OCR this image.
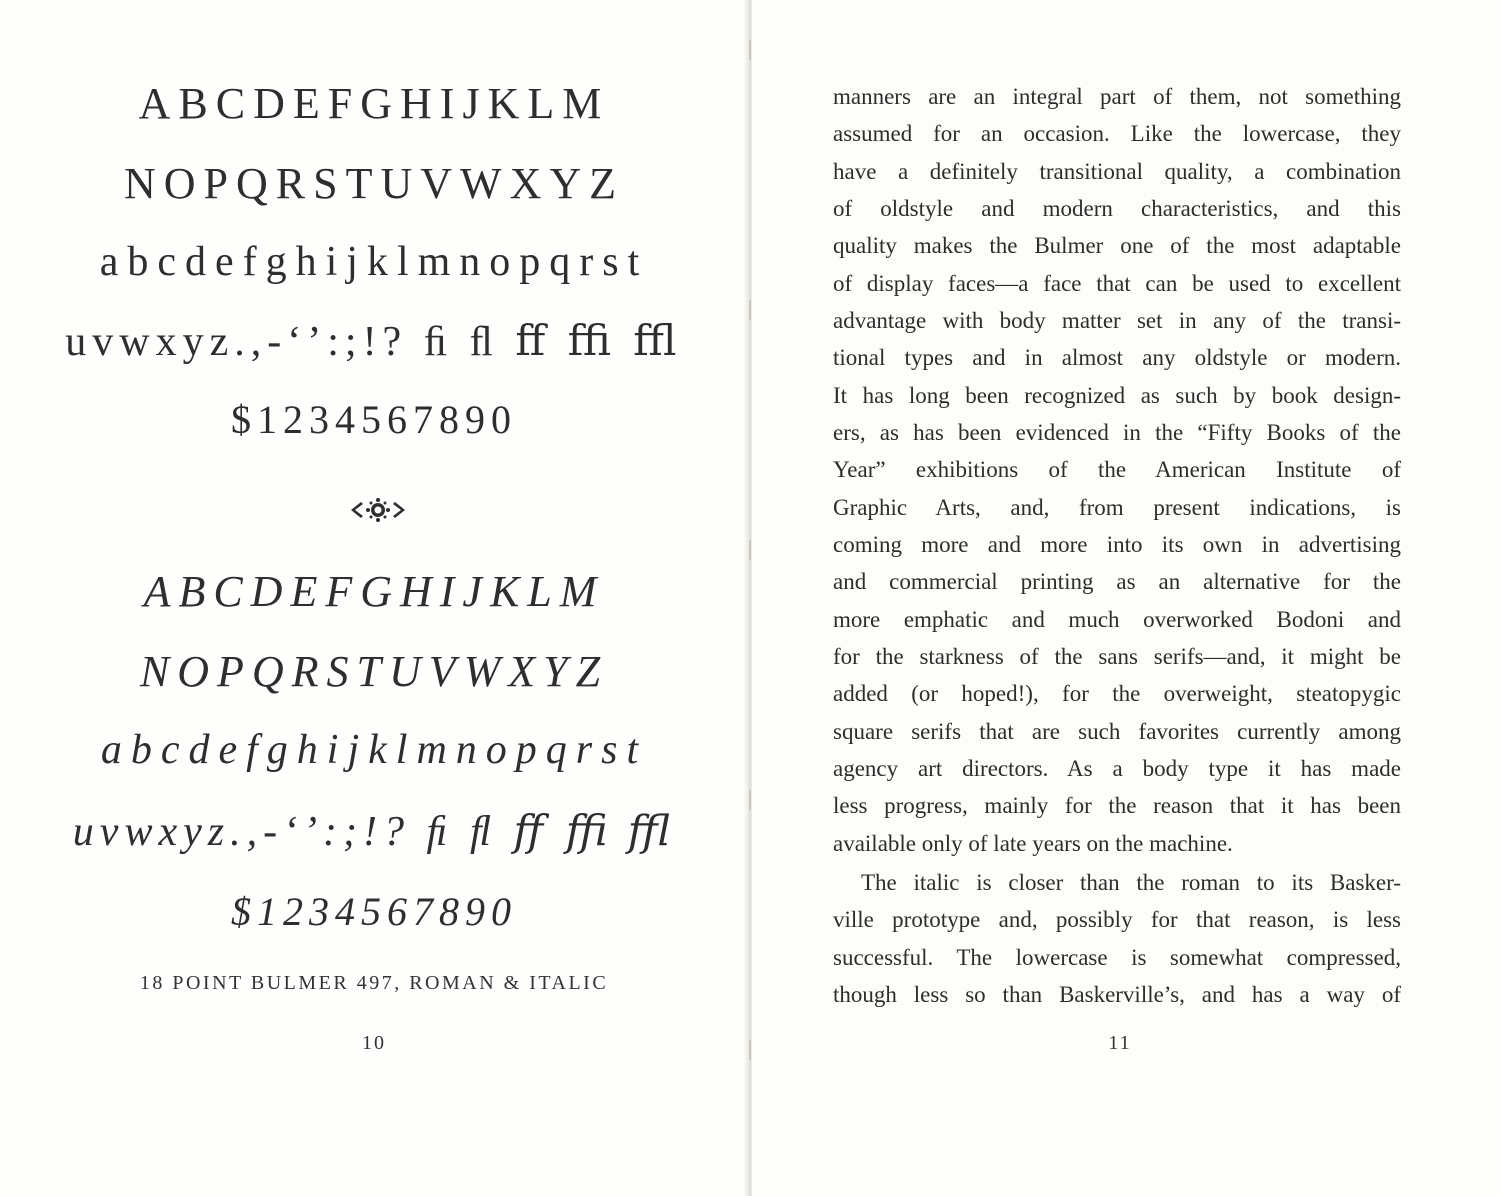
ABCDEFGHIJKLM
NOPQRSTUVWXYZ
abcdefghijklmnopqrst
uvwxyz.,-‘’:;!? ﬁ ﬂ ﬀ ﬃ ﬄ
$1234567890
ABCDEFGHIJKLM
NOPQRSTUVWXYZ
abcdefghijklmnopqrst
uvwxyz.,-‘’:;!? ﬁ ﬂ ﬀ ﬃ ﬄ
$1234567890
18 POINT BULMER 497, ROMAN & ITALIC
10
manners are an integral part of them, not something
assumed for an occasion. Like the lowercase, they
have a definitely transitional quality, a combination
of oldstyle and modern characteristics, and this
quality makes the Bulmer one of the most adaptable
of display faces—a face that can be used to excellent
advantage with body matter set in any of the transi-
tional types and in almost any oldstyle or modern.
It has long been recognized as such by book design-
ers, as has been evidenced in the “Fifty Books of the
Year” exhibitions of the American Institute of
Graphic Arts, and, from present indications, is
coming more and more into its own in advertising
and commercial printing as an alternative for the
more emphatic and much overworked Bodoni and
for the starkness of the sans serifs—and, it might be
added (or hoped!), for the overweight, steatopygic
square serifs that are such favorites currently among
agency art directors. As a body type it has made
less progress, mainly for the reason that it has been
available only of late years on the machine.
The italic is closer than the roman to its Basker-
ville prototype and, possibly for that reason, is less
successful. The lowercase is somewhat compressed,
though less so than Baskerville’s, and has a way of
11
